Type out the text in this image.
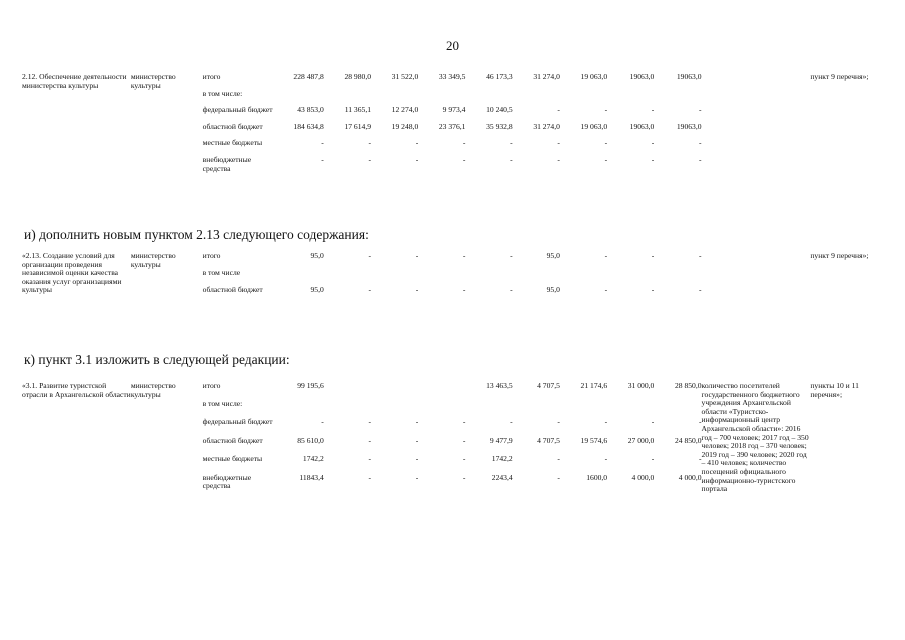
20
2.12. Обеспечение деятельности министерства культуры	министерство культуры	итого	228 487,8	28 980,0	31 522,0	33 349,5	46 173,3	31 274,0	19 063,0	19063,0	19063,0		пункт 9 перечня»;
		в том числе:											
		федеральный бюджет	43 853,0	11 365,1	12 274,0	9 973,4	10 240,5	-	-	-	-		
		областной бюджет	184 634,8	17 614,9	19 248,0	23 376,1	35 932,8	31 274,0	19 063,0	19063,0	19063,0		
		местные бюджеты	-	-	-	-	-	-	-	-	-		
		внебюджетные средства	-	-	-	-	-	-	-	-	-		
и) дополнить новым пунктом 2.13 следующего содержания:
«2.13. Создание условий для организации проведения независимой оценки качества оказания услуг организациями культуры	министерство культуры	итого	95,0	-	-	-	-	95,0	-	-	-		пункт 9 перечня»;
		в том числе											
		областной бюджет	95,0	-	-	-	-	95,0	-	-	-		
к) пункт 3.1 изложить в следующей редакции:
«3.1. Развитие туристской отрасли в Архангельской области	министерство культуры	итого	99 195,6				13 463,5	4 707,5	21 174,6	31 000,0	28 850,0	количество посетителей государственного бюджетного учреждения Архангельской области «Туристско-информационный центр Архангельской области»: 2016 год – 700 человек; 2017 год – 350 человек; 2018 год – 370 человек; 2019 год – 390 человек; 2020 год – 410 человек; количество посещений официального информационно-туристского портала	пункты 10 и 11 перечня»;
		в том числе:											
		федеральный бюджет	-	-	-	-	-	-	-	-	-		
		областной бюджет	85 610,0	-	-	-	9 477,9	4 707,5	19 574,6	27 000,0	24 850,0		
		местные бюджеты	1742,2	-	-	-	1742,2	-	-	-	-		
		внебюджетные средства	11843,4	-	-	-	2243,4	-	1600,0	4 000,0	4 000,0		
